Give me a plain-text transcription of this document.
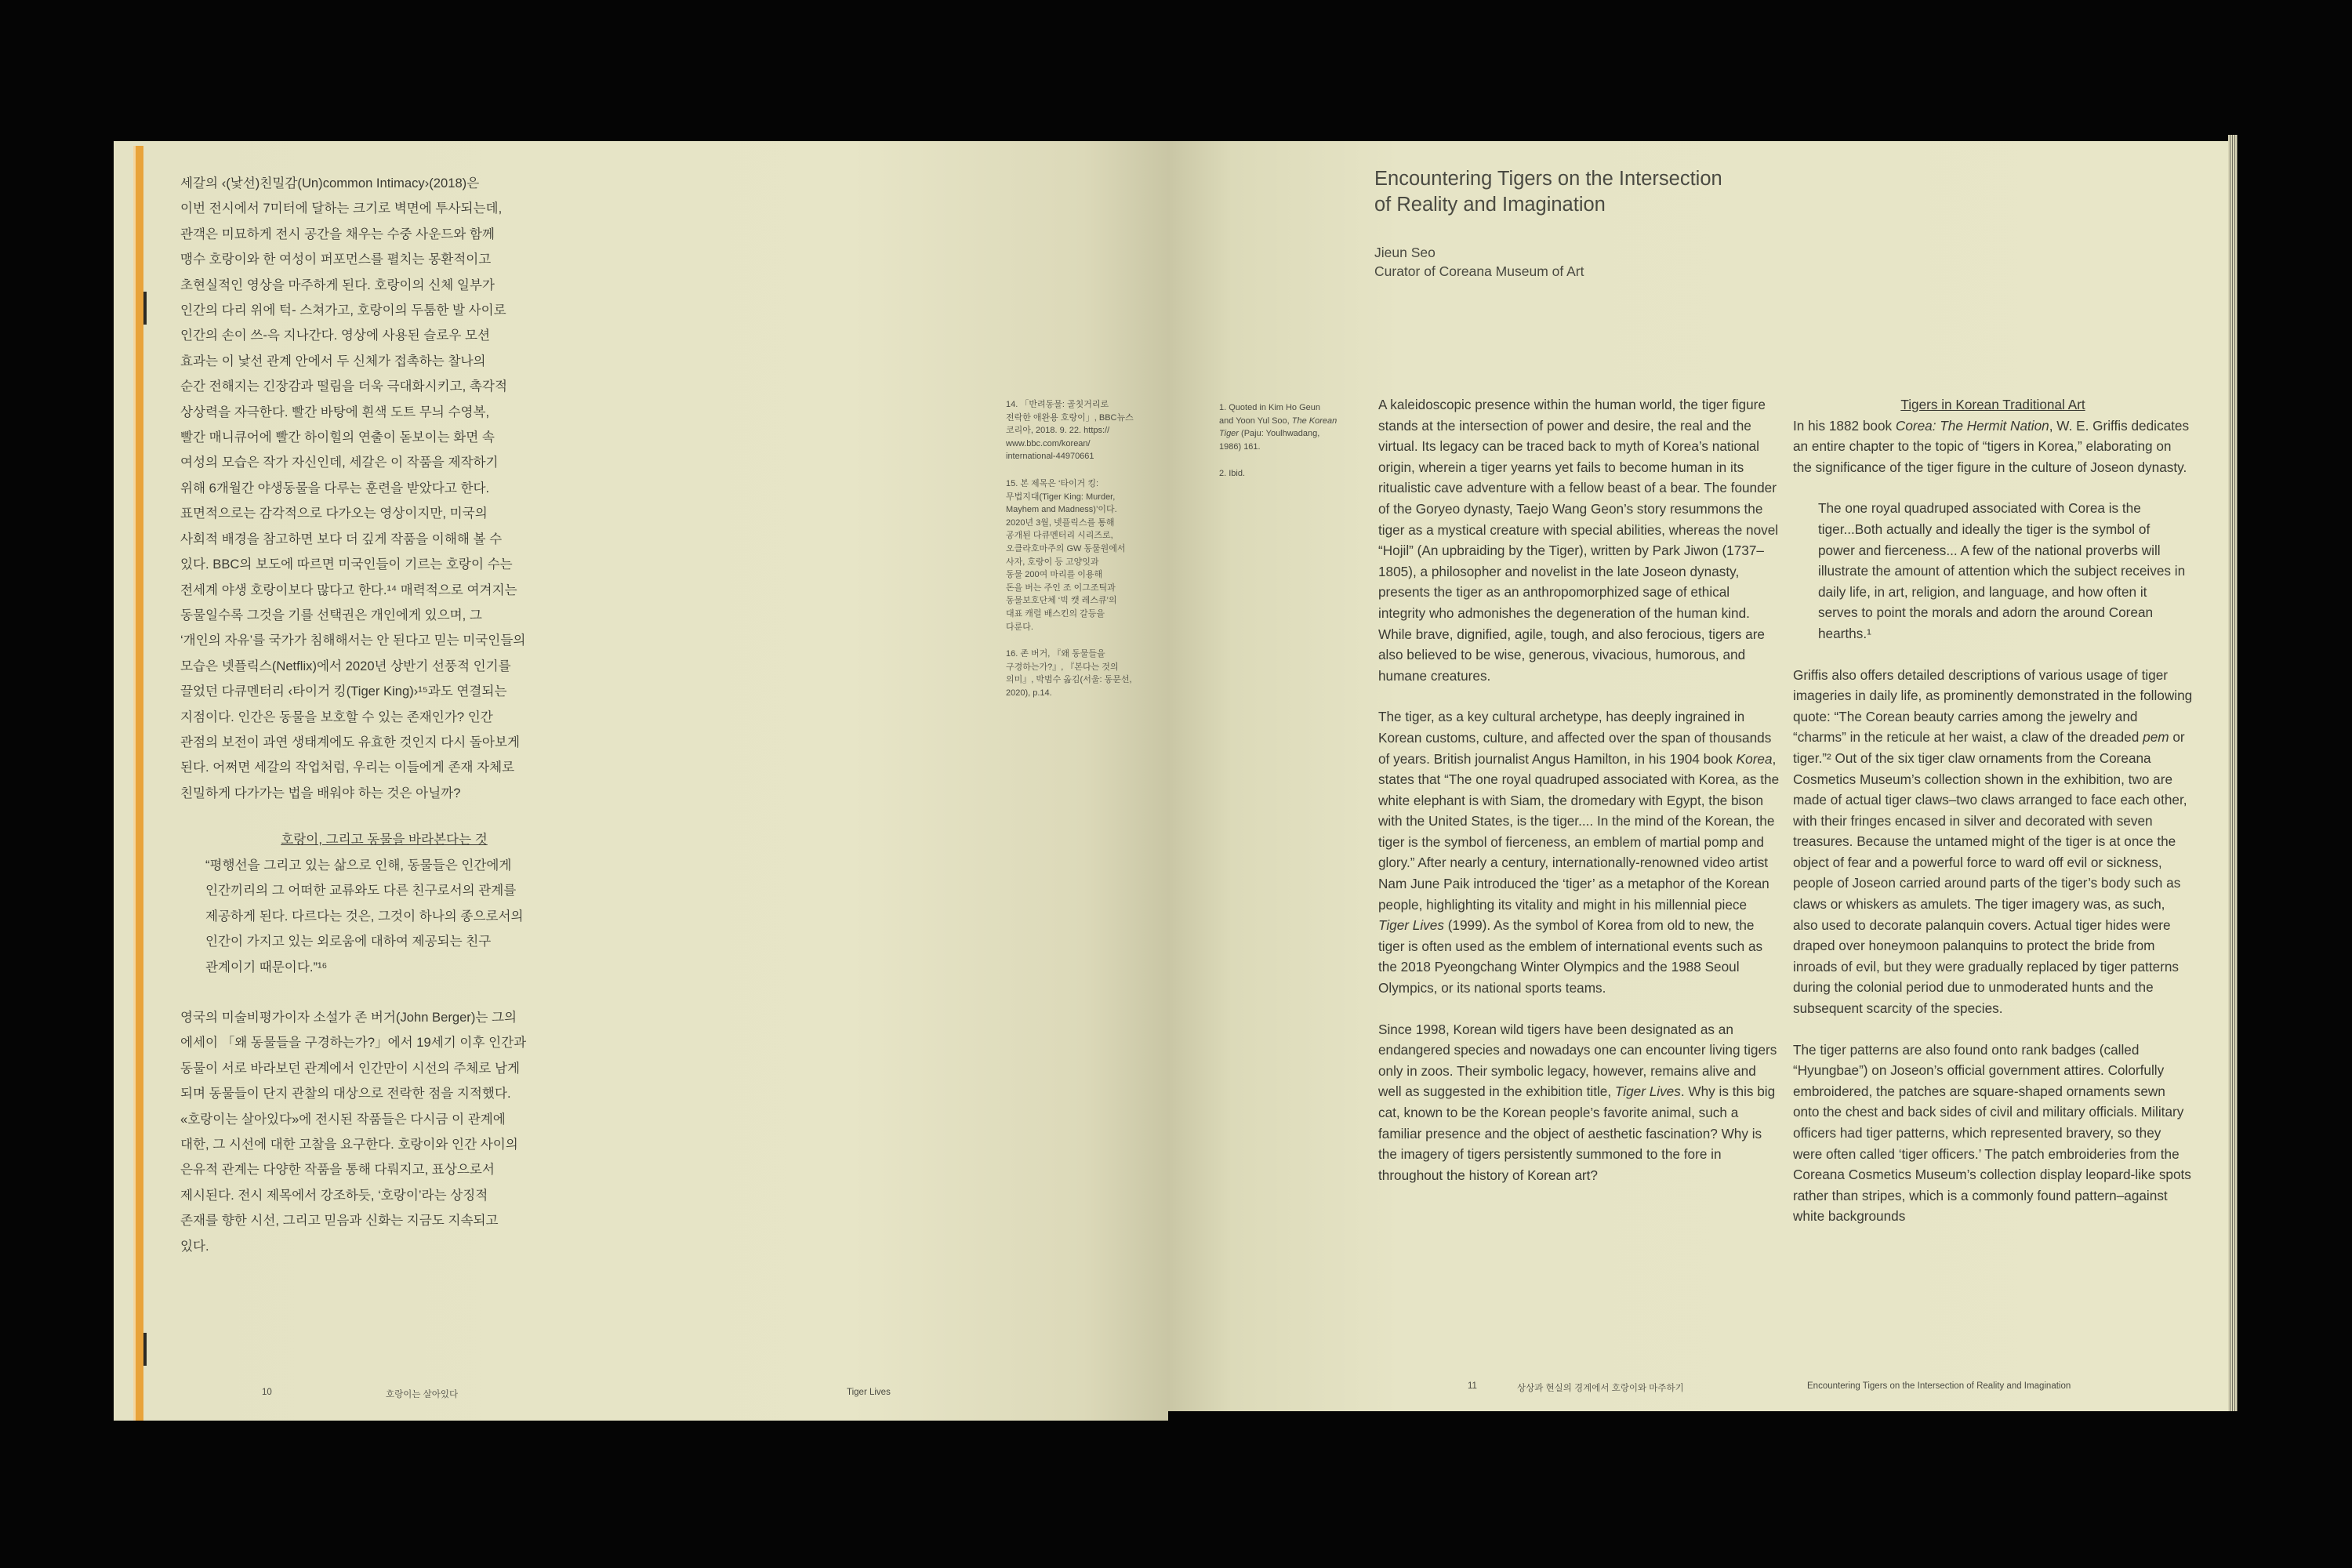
세갈의 ‹(낯선)친밀감(Un)common Intimacy›(2018)은

이번 전시에서 7미터에 달하는 크기로 벽면에 투사되는데,

관객은 미묘하게 전시 공간을 채우는 수중 사운드와 함께

맹수 호랑이와 한 여성이 퍼포먼스를 펼치는 몽환적이고

초현실적인 영상을 마주하게 된다. 호랑이의 신체 일부가

인간의 다리 위에 턱- 스쳐가고, 호랑이의 두툼한 발 사이로

인간의 손이 쓰-윽 지나간다. 영상에 사용된 슬로우 모션

효과는 이 낯선 관계 안에서 두 신체가 접촉하는 찰나의

순간 전해지는 긴장감과 떨림을 더욱 극대화시키고, 촉각적

상상력을 자극한다. 빨간 바탕에 흰색 도트 무늬 수영복,

빨간 매니큐어에 빨간 하이힐의 연출이 돋보이는 화면 속

여성의 모습은 작가 자신인데, 세갈은 이 작품을 제작하기

위해 6개월간 야생동물을 다루는 훈련을 받았다고 한다.

표면적으로는 감각적으로 다가오는 영상이지만, 미국의

사회적 배경을 참고하면 보다 더 깊게 작품을 이해해 볼 수

있다. BBC의 보도에 따르면 미국인들이 기르는 호랑이 수는

전세계 야생 호랑이보다 많다고 한다.¹⁴ 매력적으로 여겨지는

동물일수록 그것을 기를 선택권은 개인에게 있으며, 그

‘개인의 자유’를 국가가 침해해서는 안 된다고 믿는 미국인들의

모습은 넷플릭스(Netflix)에서 2020년 상반기 선풍적 인기를

끌었던 다큐멘터리 ‹타이거 킹(Tiger King)›¹⁵과도 연결되는

지점이다. 인간은 동물을 보호할 수 있는 존재인가? 인간

관점의 보전이 과연 생태계에도 유효한 것인지 다시 돌아보게

된다. 어쩌면 세갈의 작업처럼, 우리는 이들에게 존재 자체로

친밀하게 다가가는 법을 배워야 하는 것은 아닐까?

호랑이, 그리고 동물을 바라본다는 것

“평행선을 그리고 있는 삶으로 인해, 동물들은 인간에게

인간끼리의 그 어떠한 교류와도 다른 친구로서의 관계를

제공하게 된다. 다르다는 것은, 그것이 하나의 종으로서의

인간이 가지고 있는 외로움에 대하여 제공되는 친구

관계이기 때문이다.”¹⁶

영국의 미술비평가이자 소설가 존 버거(John Berger)는 그의

에세이 「왜 동물들을 구경하는가?」에서 19세기 이후 인간과

동물이 서로 바라보던 관계에서 인간만이 시선의 주체로 남게

되며 동물들이 단지 관찰의 대상으로 전락한 점을 지적했다.

«호랑이는 살아있다»에 전시된 작품들은 다시금 이 관계에

대한, 그 시선에 대한 고찰을 요구한다. 호랑이와 인간 사이의

은유적 관계는 다양한 작품을 통해 다뤄지고, 표상으로서

제시된다. 전시 제목에서 강조하듯, ‘호랑이’라는 상징적

존재를 향한 시선, 그리고 믿음과 신화는 지금도 지속되고

있다.

14. 「반려동물: 골칫거리로
전락한 애완용 호랑이」, BBC뉴스
코리아, 2018. 9. 22. https://
www.bbc.com/korean/
international-44970661

15. 본 제목은 ‘타이거 킹:
무법지대(Tiger King: Murder,
Mayhem and Madness)’이다.
2020년 3월, 넷플릭스를 통해
공개된 다큐멘터리 시리즈로,
오클라호마주의 GW 동물원에서
사자, 호랑이 등 고양잇과
동물 200여 마리를 이용해
돈을 버는 주인 조 이그조틱과
동물보호단체 ‘빅 캣 레스큐’의
대표 캐럴 배스킨의 갈등을
다룬다.

16. 존 버거, 『왜 동물들을
구경하는가?』, 『본다는 것의
의미』, 박범수 옮김(서울: 동문선,
2020), p.14.

10	호랑이는 살아있다	Tiger Lives

Encountering Tigers on the Intersection
of Reality and Imagination

Jieun Seo

Curator of Coreana Museum of Art

1. Quoted in Kim Ho Geun
and Yoon Yul Soo, The Korean
Tiger (Paju: Youlhwadang,
1986) 161.

2. Ibid.

A kaleidoscopic presence within the human world, the tiger figure stands at the intersection of power and desire, the real and the virtual. Its legacy can be traced back to myth of Korea’s national origin, wherein a tiger yearns yet fails to become human in its ritualistic cave adventure with a fellow beast of a bear. The founder of the Goryeo dynasty, Taejo Wang Geon’s story resummons the tiger as a mystical creature with special abilities, whereas the novel “Hojil” (An upbraiding by the Tiger), written by Park Jiwon (1737–1805), a philosopher and novelist in the late Joseon dynasty, presents the tiger as an anthropomorphized sage of ethical integrity who admonishes the degeneration of the human kind. While brave, dignified, agile, tough, and also ferocious, tigers are also believed to be wise, generous, vivacious, humorous, and humane creatures.

The tiger, as a key cultural archetype, has deeply ingrained in Korean customs, culture, and affected over the span of thousands of years. British journalist Angus Hamilton, in his 1904 book Korea, states that “The one royal quadruped associated with Korea, as the white elephant is with Siam, the dromedary with Egypt, the bison with the United States, is the tiger.... In the mind of the Korean, the tiger is the symbol of fierceness, an emblem of martial pomp and glory.” After nearly a century, internationally-renowned video artist Nam June Paik introduced the ‘tiger’ as a metaphor of the Korean people, highlighting its vitality and might in his millennial piece Tiger Lives (1999). As the symbol of Korea from old to new, the tiger is often used as the emblem of international events such as the 2018 Pyeongchang Winter Olympics and the 1988 Seoul Olympics, or its national sports teams.

Since 1998, Korean wild tigers have been designated as an endangered species and nowadays one can encounter living tigers only in zoos. Their symbolic legacy, however, remains alive and well as suggested in the exhibition title, Tiger Lives. Why is this big cat, known to be the Korean people’s favorite animal, such a familiar presence and the object of aesthetic fascination? Why is the imagery of tigers persistently summoned to the fore in throughout the history of Korean art?

Tigers in Korean Traditional Art

In his 1882 book Corea: The Hermit Nation, W. E. Griffis dedicates an entire chapter to the topic of “tigers in Korea,” elaborating on the significance of the tiger figure in the culture of Joseon dynasty.

The one royal quadruped associated with Corea is the tiger...Both actually and ideally the tiger is the symbol of power and fierceness... A few of the national proverbs will illustrate the amount of attention which the subject receives in daily life, in art, religion, and language, and how often it serves to point the morals and adorn the around Corean hearths.¹

Griffis also offers detailed descriptions of various usage of tiger imageries in daily life, as prominently demonstrated in the following quote: “The Corean beauty carries among the jewelry and “charms” in the reticule at her waist, a claw of the dreaded pem or tiger.”² Out of the six tiger claw ornaments from the Coreana Cosmetics Museum’s collection shown in the exhibition, two are made of actual tiger claws–two claws arranged to face each other, with their fringes encased in silver and decorated with seven treasures. Because the untamed might of the tiger is at once the object of fear and a powerful force to ward off evil or sickness, people of Joseon carried around parts of the tiger’s body such as claws or whiskers as amulets. The tiger imagery was, as such, also used to decorate palanquin covers. Actual tiger hides were draped over honeymoon palanquins to protect the bride from inroads of evil, but they were gradually replaced by tiger patterns during the colonial period due to unmoderated hunts and the subsequent scarcity of the species.

The tiger patterns are also found onto rank badges (called “Hyungbae”) on Joseon’s official government attires. Colorfully embroidered, the patches are square-shaped ornaments sewn onto the chest and back sides of civil and military officials. Military officers had tiger patterns, which represented bravery, so they were often called ‘tiger officers.’ The patch embroideries from the Coreana Cosmetics Museum’s collection display leopard-like spots rather than stripes, which is a commonly found pattern–against white backgrounds

11	상상과 현실의 경계에서 호랑이와 마주하기	Encountering Tigers on the Intersection of Reality and Imagination
